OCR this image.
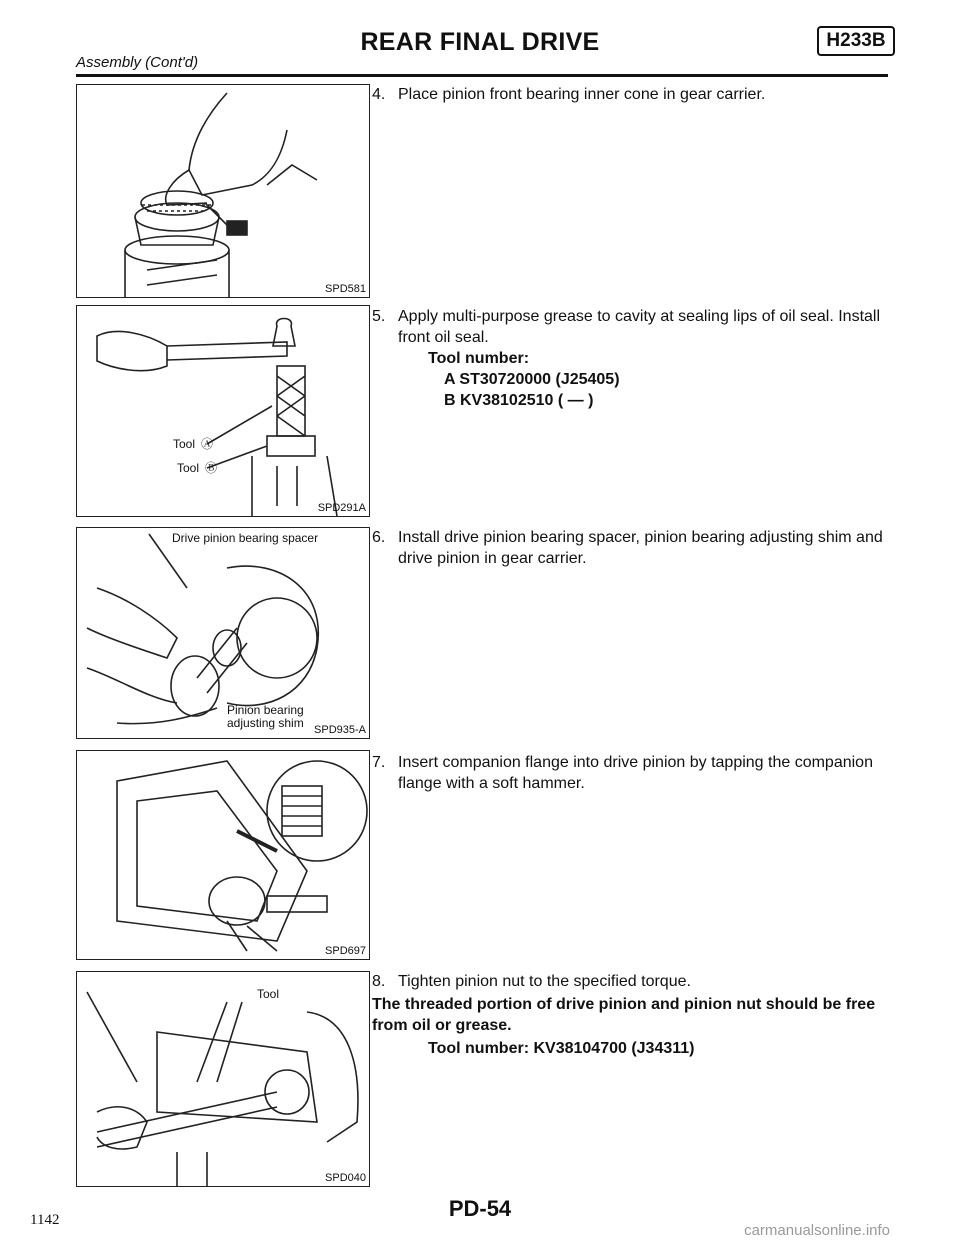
REAR FINAL DRIVE	H233B
Assembly (Cont'd)
SPD581
Tool Ⓐ
Tool Ⓑ
SPD291A
Drive pinion bearing spacer
Pinion bearing adjusting shim SPD935-A
SPD697
Tool
SPD040
4. Place pinion front bearing inner cone in gear carrier.
5. Apply multi-purpose grease to cavity at sealing lips of oil seal. Install front oil seal.
Tool number:
A ST30720000 (J25405)
B KV38102510 ( — )
6. Install drive pinion bearing spacer, pinion bearing adjusting shim and drive pinion in gear carrier.
7. Insert companion flange into drive pinion by tapping the companion flange with a soft hammer.
8. Tighten pinion nut to the specified torque.
The threaded portion of drive pinion and pinion nut should be free from oil or grease.
Tool number: KV38104700 (J34311)
PD-54
1142
carmanualsonline.info
